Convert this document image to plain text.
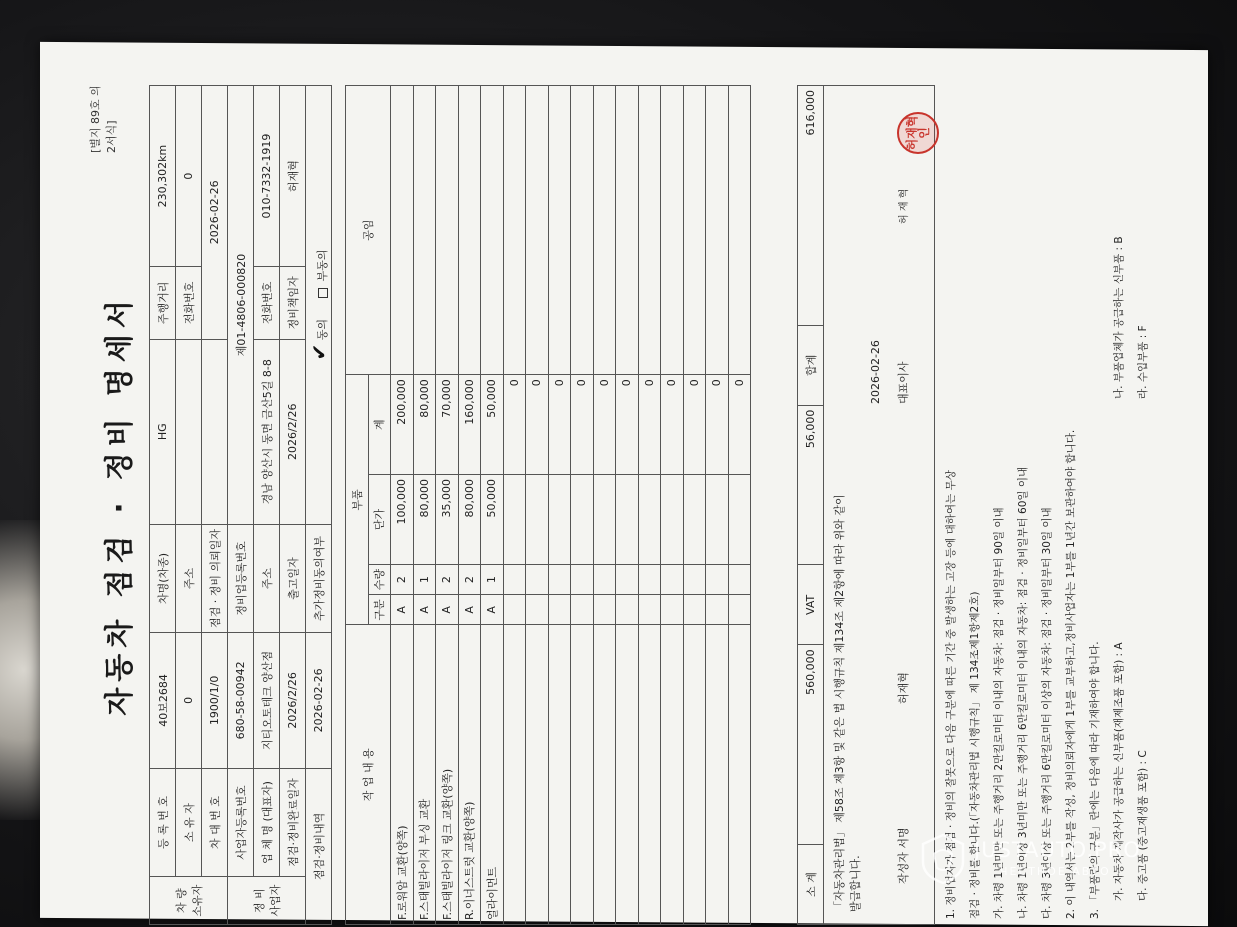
[별지 89호 의2서식]
자동차 점검 · 정비 명세서
차 량
소유자	등 록 번 호	40보2684	차명(차종)	HG	주행거리	230,302km
	소 유 자	0	주소		전화번호	0
	차 대 번 호	1900/1/0	점검 · 정비 의뢰일자		2026-02-26	
정 비
사업자	사업자등록번호	680-58-00942	정비업등록번호	제01-4806-000820		
	업 체 명 (대표자)	지티오토테크 양산점	주소	경남 양산시 동면 금산5길 8-8	전화번호	010-7332-1919
	점검·정비완료일자	2026/2/26	출고일자	2026/2/26	정비책임자	허재혁
점검·정비내역		2026-02-26	추가정비동의여부	✔ 동의       부동의		
작 업 내 용	부품				공임
	구분	수량	단가	계	
F.로워암 교환(양쪽)	A	2	100,000	200,000	
F.스태빌라이저 부싱 교환	A	1	80,000	80,000	
F.스태빌라이저 링크 교환(양쪽)	A	2	35,000	70,000	
R.이너스트럿 교환(양쪽)	A	2	80,000	160,000	
얼라이먼트	A	1	50,000	50,000	
				0	
				0	
				0	
				0	
				0	
				0	
				0	
				0	
				0	
				0	
				0	
소 계	560,000	VAT	56,000	합계	616,000

「자동차관리법」 제58조 제3항 및 같은 법 시행규칙 제134조 제2항에 따라 위와 같이 발급합니다.

2026-02-26

작성자 서명

허재혁

대표이사

허 재 혁

허재혁
인
1. 정비업자가 점검 · 정비의 잘못으로 다음 구분에 따른 기간 중 발생하는 고장 등에 대하여는 무상	점검 · 정비를 합니다.(「자동차관리법 시행규칙」 제 134조제1항제2호)	가. 차령 1년미만 또는 주행거리 2만킬로미터 이내의 자동차: 점검 · 정비일부터 90일 이내	나. 차령 1년이상 3년미만 또는 주행거리 6만킬로미터 이내의 자동차: 점검 · 정비일부터 60일 이내	다. 차령 3년이상 또는 주행거리 6만킬로미터 이상의 자동차: 점검 · 정비일부터 30일 이내	2. 이 내역서는 2부를 작성, 정비의뢰자에게 1부를 교부하고,정비사업자는 1부를 1년간 보관하여야 합니다.	3. 「부품란의 구분」란에는 다음에 따라 기재하여야 합니다.	가. 자동차 제작사가 공급하는 신부품(재제조품 포함) : A
나. 부품업체가 공급하는 신부품 : B
다. 중고품 (중고재생품 포함) : C
라. 수입부품 : F
JUSTAUTO.PRO
ЧЕСТНОЕ АВТО
